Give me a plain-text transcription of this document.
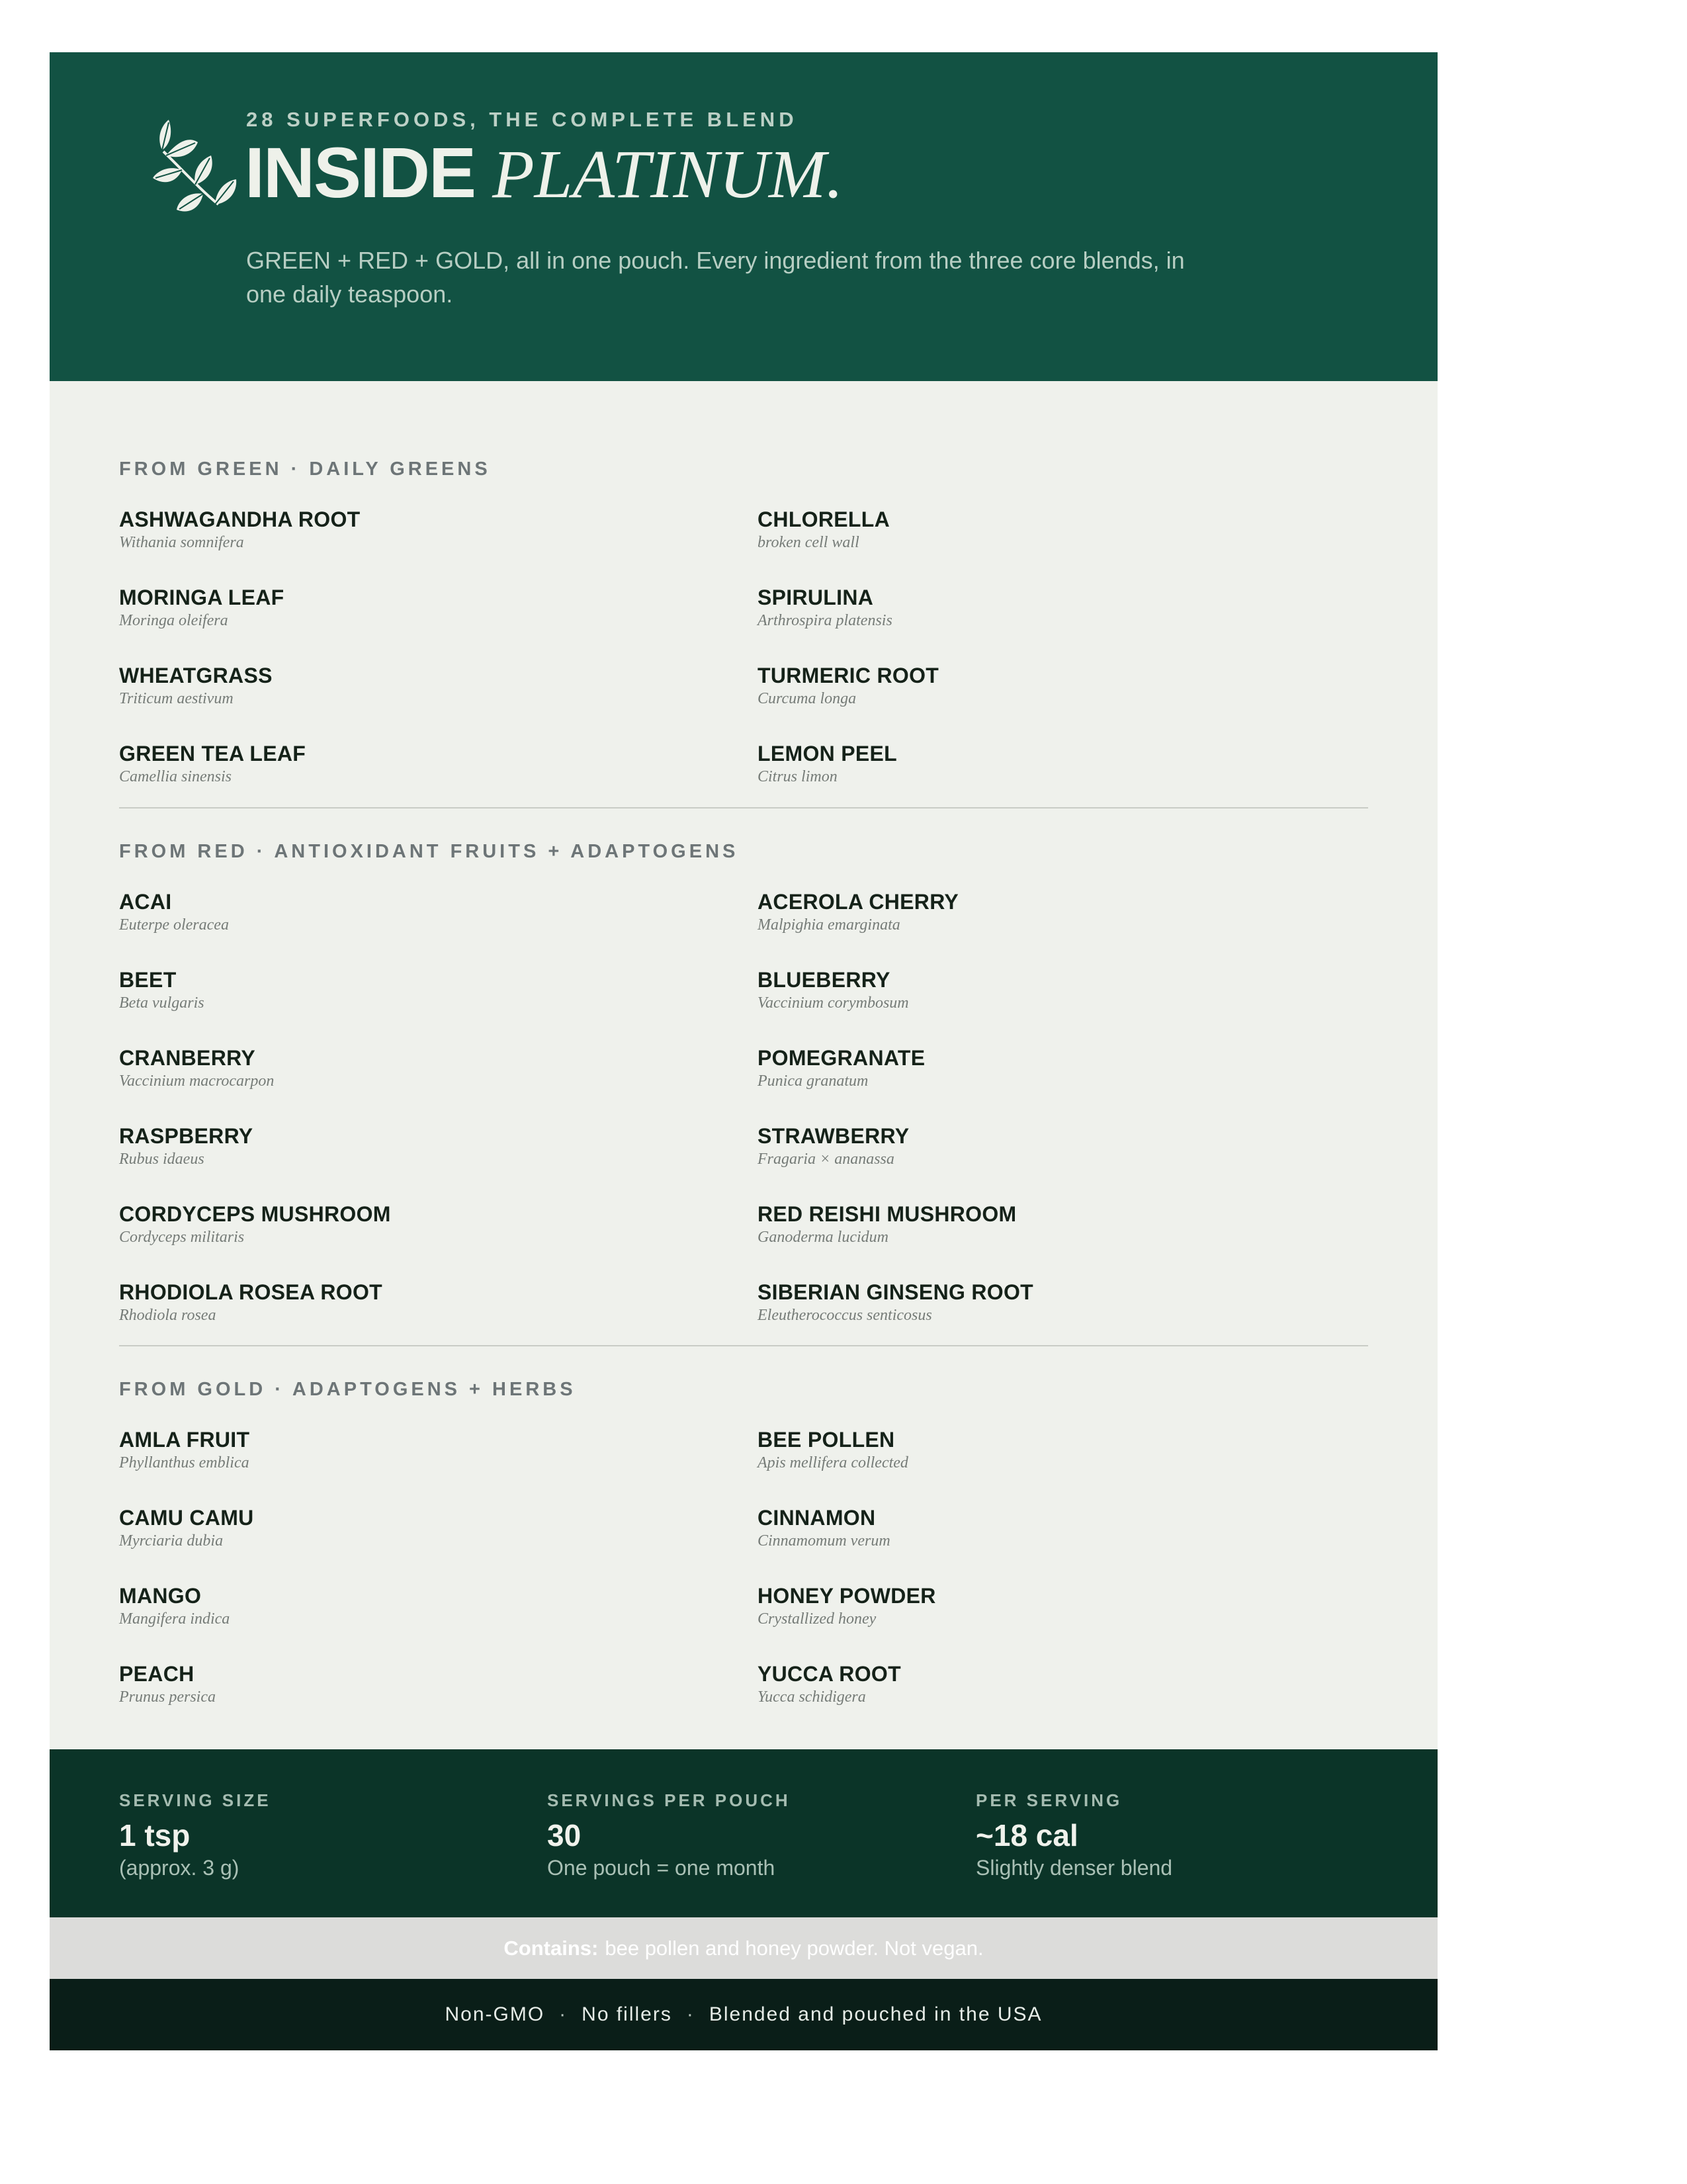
28 SUPERFOODS, THE COMPLETE BLEND
INSIDE PLATINUM.
GREEN + RED + GOLD, all in one pouch. Every ingredient from the three core blends, in one daily teaspoon.
FROM GREEN · DAILY GREENS
FROM RED · ANTIOXIDANT FRUITS + ADAPTOGENS
FROM GOLD · ADAPTOGENS + HERBS
ASHWAGANDHA ROOT
Withania somnifera
CHLORELLA
broken cell wall
MORINGA LEAF
Moringa oleifera
SPIRULINA
Arthrospira platensis
WHEATGRASS
Triticum aestivum
TURMERIC ROOT
Curcuma longa
GREEN TEA LEAF
Camellia sinensis
LEMON PEEL
Citrus limon
ACAI
Euterpe oleracea
ACEROLA CHERRY
Malpighia emarginata
BEET
Beta vulgaris
BLUEBERRY
Vaccinium corymbosum
CRANBERRY
Vaccinium macrocarpon
POMEGRANATE
Punica granatum
RASPBERRY
Rubus idaeus
STRAWBERRY
Fragaria × ananassa
CORDYCEPS MUSHROOM
Cordyceps militaris
RED REISHI MUSHROOM
Ganoderma lucidum
RHODIOLA ROSEA ROOT
Rhodiola rosea
SIBERIAN GINSENG ROOT
Eleutherococcus senticosus
AMLA FRUIT
Phyllanthus emblica
BEE POLLEN
Apis mellifera collected
CAMU CAMU
Myrciaria dubia
CINNAMON
Cinnamomum verum
MANGO
Mangifera indica
HONEY POWDER
Crystallized honey
PEACH
Prunus persica
YUCCA ROOT
Yucca schidigera
SERVING SIZE
1 tsp
(approx. 3 g)
SERVINGS PER POUCH
30
One pouch = one month
PER SERVING
~18 cal
Slightly denser blend
Contains: bee pollen and honey powder. Not vegan.
Non-GMO · No fillers · Blended and pouched in the USA
